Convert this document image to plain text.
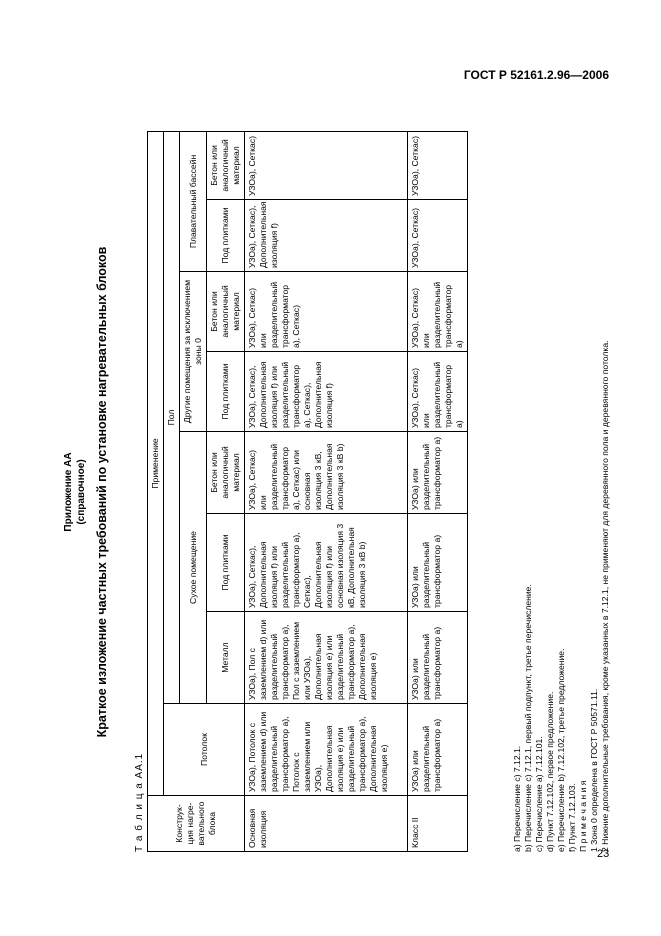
ГОСТ Р 52161.2.96—2006
Приложение АА (справочное) Краткое изложение частных требований по установке нагревательных блоков
Т а б л и ц а АА.1	Конструк-ция нагре-вательного блока	Применение							
	Потолок	Пол						
		Сухое помещение			Другие помещения за исключением зоны 0		Плавательный бассейн	
		Металл	Под плитками	Бетон или аналогичный материал	Под плитками	Бетон или аналогичный материал	Под плитками	Бетон или аналогичный материал
Основная изоляция	УЗОа), Потолок с заземлением d) или разделительный трансформатор а), Потолок с заземлением или УЗОа), Дополнительная изоляция е) или разделительный трансформатор а), Дополнительная изоляция е)	УЗОа), Пол с заземлением d) или разделительный трансформатор а), Пол с заземлением или УЗОа), Дополнительная изоляция е) или разделительный трансформатор а), Дополнительная изоляция е)	УЗОа), Сеткас), Дополнительная изоляция f) или разделительный трансформатор а), Сеткас), Дополнительная изоляция f) или основная изоляция 3 кВ, Дополнительная изоляция 3 кВ b)	УЗОа), Сеткас) или разделительный трансформатор а), Сеткас) или основная изоляция 3 кВ, Дополнительная изоляция 3 кВ b)	УЗОа), Сеткас), Дополнительная изоляция f) или разделительный трансформатор а), Сеткас), Дополнительная изоляция f)	УЗОа), Сеткас) или разделительный трансформатор а), Сеткас)	УЗОа), Сеткас), Дополнительная изоляция f)	УЗОа), Сеткас)
Класс II	УЗОа) или разделительный трансформатор а)	УЗОа) или разделительный трансформатор а)	УЗОа) или разделительный трансформатор а)	УЗОа) или разделительный трансформатор а)	УЗОа), Сеткас) или разделительный трансформатор а)	УЗОа), Сеткас) или разделительный трансформатор а)	УЗОа), Сеткас)	УЗОа), Сеткас)
а) Перечисление с) 7.12.1. b) Перечисление с) 7.12.1, первый подпункт, третье перечисление. с) Перечисление а) 7.12.101. d) Пункт 7.12.102, первое предложение. е) Перечисление b) 7.12.102, третье предложение. f) Пункт 7.12.103. П р и м е ч а н и я 1 Зона 0 определена в ГОСТ Р 50571.11. 2 Нижние дополнительные требования, кроме указанных в 7.12.1, не применяют для деревянного пола и деревянного потолка.
23
